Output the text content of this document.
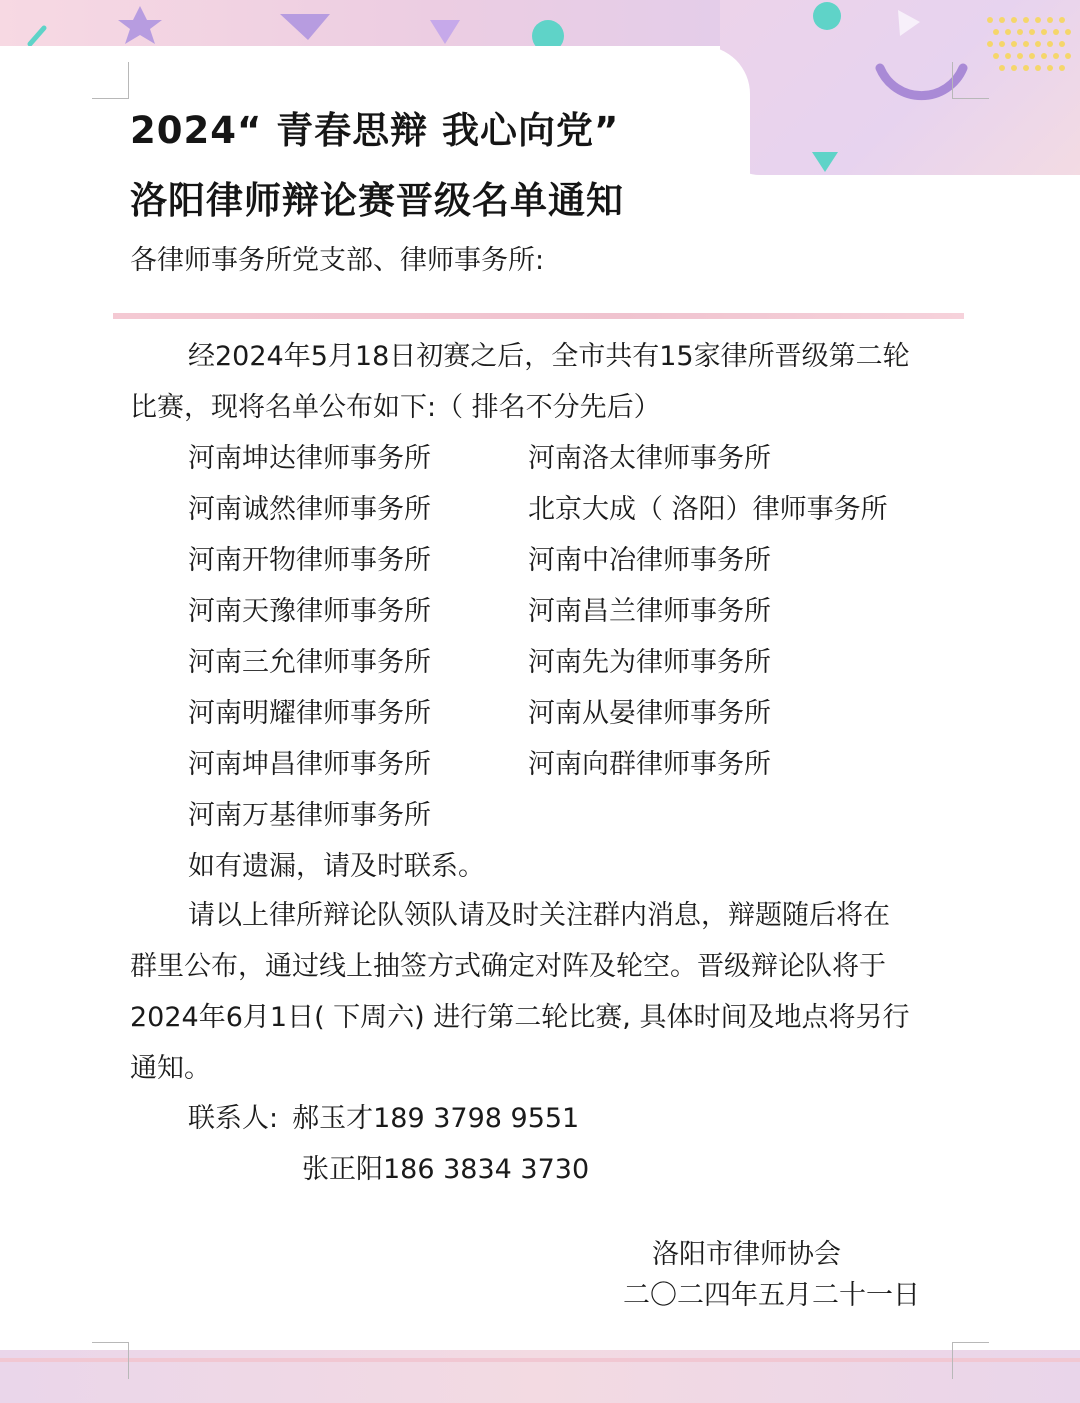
2024“ 青春思辩 我心向党”
洛阳律师辩论赛晋级名单通知
各律师事务所党支部、律师事务所:
经2024年5月18日初赛之后，全市共有15家律所晋级第二轮
比赛，现将名单公布如下:（ 排名不分先后）
河南坤达律师事务所	河南洛太律师事务所
河南诚然律师事务所	北京大成（ 洛阳）律师事务所
河南开物律师事务所	河南中冶律师事务所
河南天豫律师事务所	河南昌兰律师事务所
河南三允律师事务所	河南先为律师事务所
河南明耀律师事务所	河南从晏律师事务所
河南坤昌律师事务所	河南向群律师事务所
河南万基律师事务所
如有遗漏，请及时联系。
请以上律所辩论队领队请及时关注群内消息，辩题随后将在
群里公布，通过线上抽签方式确定对阵及轮空。晋级辩论队将于
2024年6月1日( 下周六) 进行第二轮比赛, 具体时间及地点将另行
通知。
联系人: 郝玉才189 3798 9551
张正阳186 3834 3730
洛阳市律师协会
二〇二四年五月二十一日
